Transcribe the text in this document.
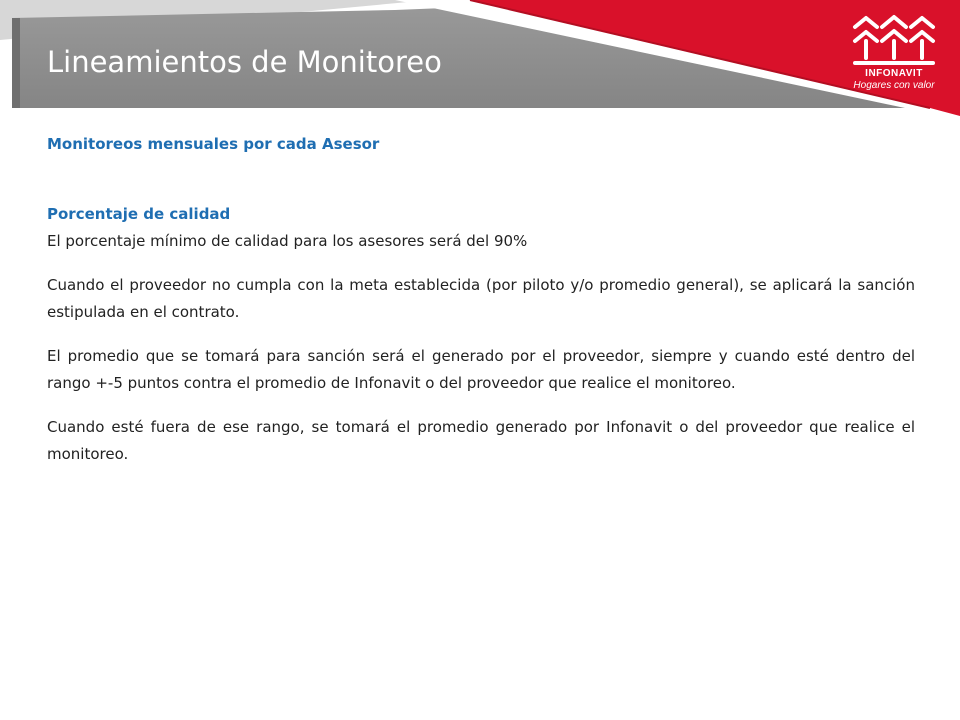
Lineamientos de Monitoreo	INFONAVIT
Hogares con valor
Monitoreos mensuales por cada Asesor
Porcentaje de calidad

El porcentaje mínimo de calidad para los asesores será del 90%

Cuando el proveedor no cumpla con la meta establecida (por piloto y/o promedio general), se aplicará la sanción estipulada en el contrato.

El promedio que se tomará para sanción será el generado por el proveedor, siempre y cuando esté dentro del rango +-5 puntos contra el promedio de Infonavit o del proveedor que realice el monitoreo.

Cuando esté fuera de ese rango, se tomará el promedio generado por Infonavit o del proveedor que realice el monitoreo.
